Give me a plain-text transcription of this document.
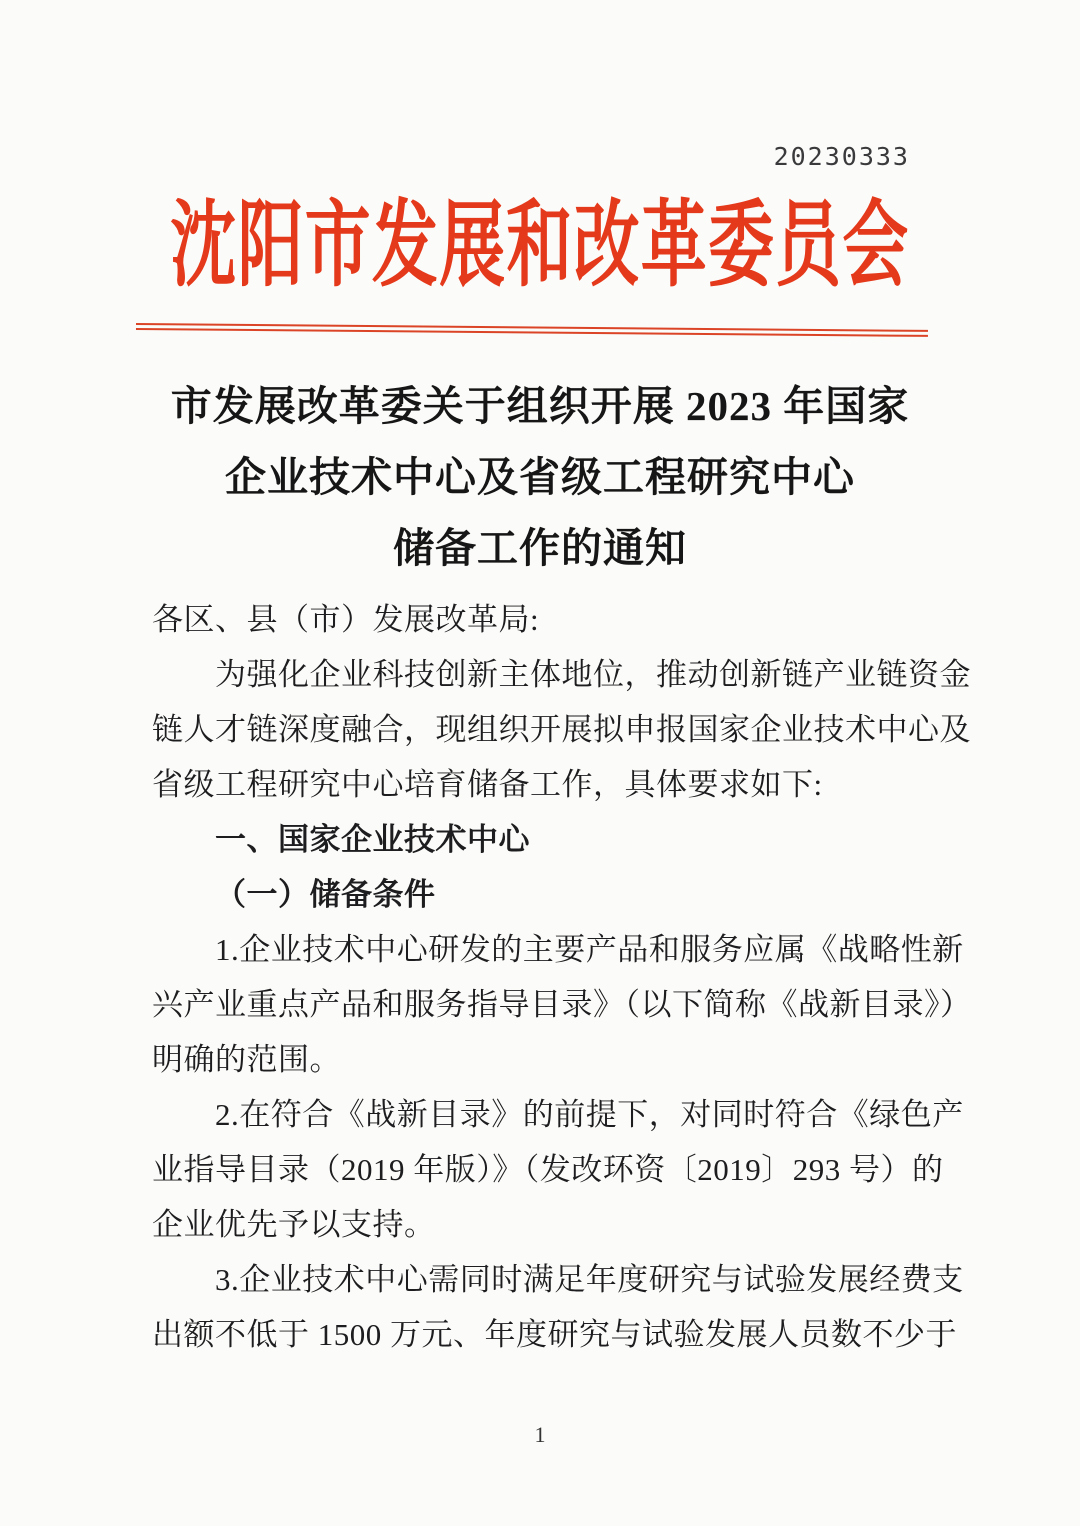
20230333
沈阳市发展和改革委员会
市发展改革委关于组织开展 2023 年国家
企业技术中心及省级工程研究中心
储备工作的通知
各区、县（市）发展改革局:
为强化企业科技创新主体地位，推动创新链产业链资金
链人才链深度融合，现组织开展拟申报国家企业技术中心及
省级工程研究中心培育储备工作，具体要求如下:
一、国家企业技术中心
（一）储备条件
1.企业技术中心研发的主要产品和服务应属《战略性新
兴产业重点产品和服务指导目录》（以下简称《战新目录》）
明确的范围。
2.在符合《战新目录》的前提下，对同时符合《绿色产
业指导目录（2019 年版）》（发改环资〔2019〕293 号）的
企业优先予以支持。
3.企业技术中心需同时满足年度研究与试验发展经费支
出额不低于 1500 万元、年度研究与试验发展人员数不少于
1
